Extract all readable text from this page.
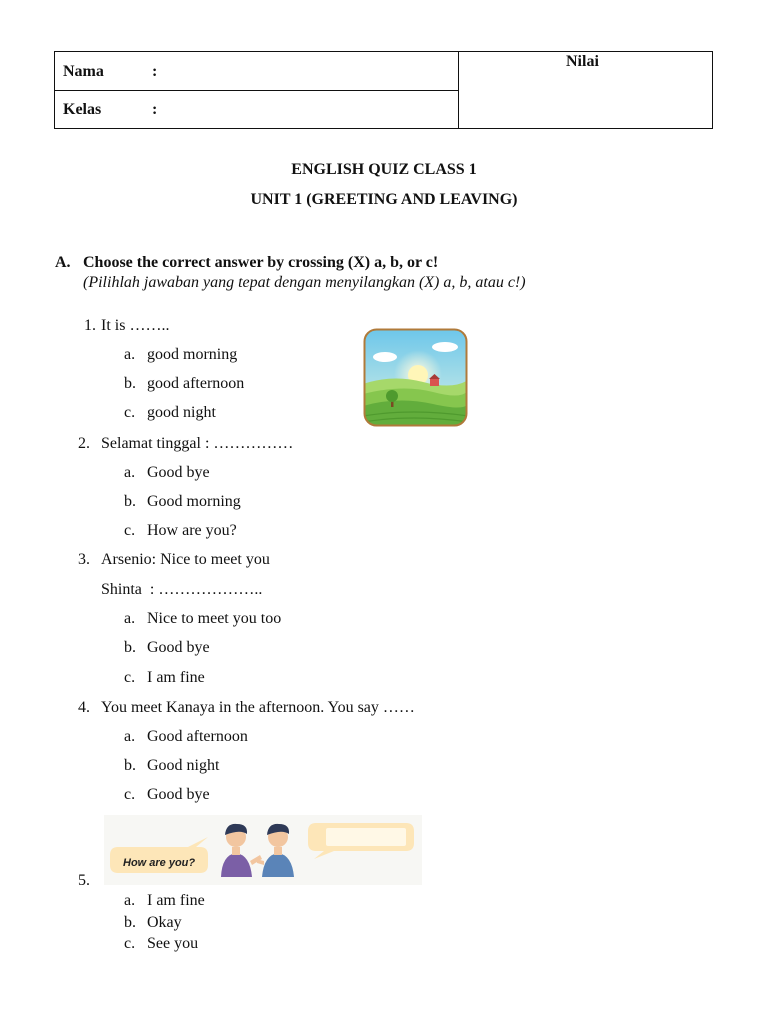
Nama	:
Kelas	:
Nilai
ENGLISH QUIZ CLASS 1
UNIT 1 (GREETING AND LEAVING)
A. Choose the correct answer by crossing (X) a, b, or c!
(Pilihlah jawaban yang tepat dengan menyilangkan (X) a, b, atau c!)
1. It is ……..
a. good morning
b. good afternoon
c. good night
2. Selamat tinggal : ……………
a. Good bye
b. Good morning
c. How are you?
3. Arsenio: Nice to meet you
Shinta  : ………………..
a. Nice to meet you too
b. Good bye
c. I am fine
4. You meet Kanaya in the afternoon. You say ……
a. Good afternoon
b. Good night
c. Good bye
How are you?
5.
a. I am fine
b. Okay
c. See you
